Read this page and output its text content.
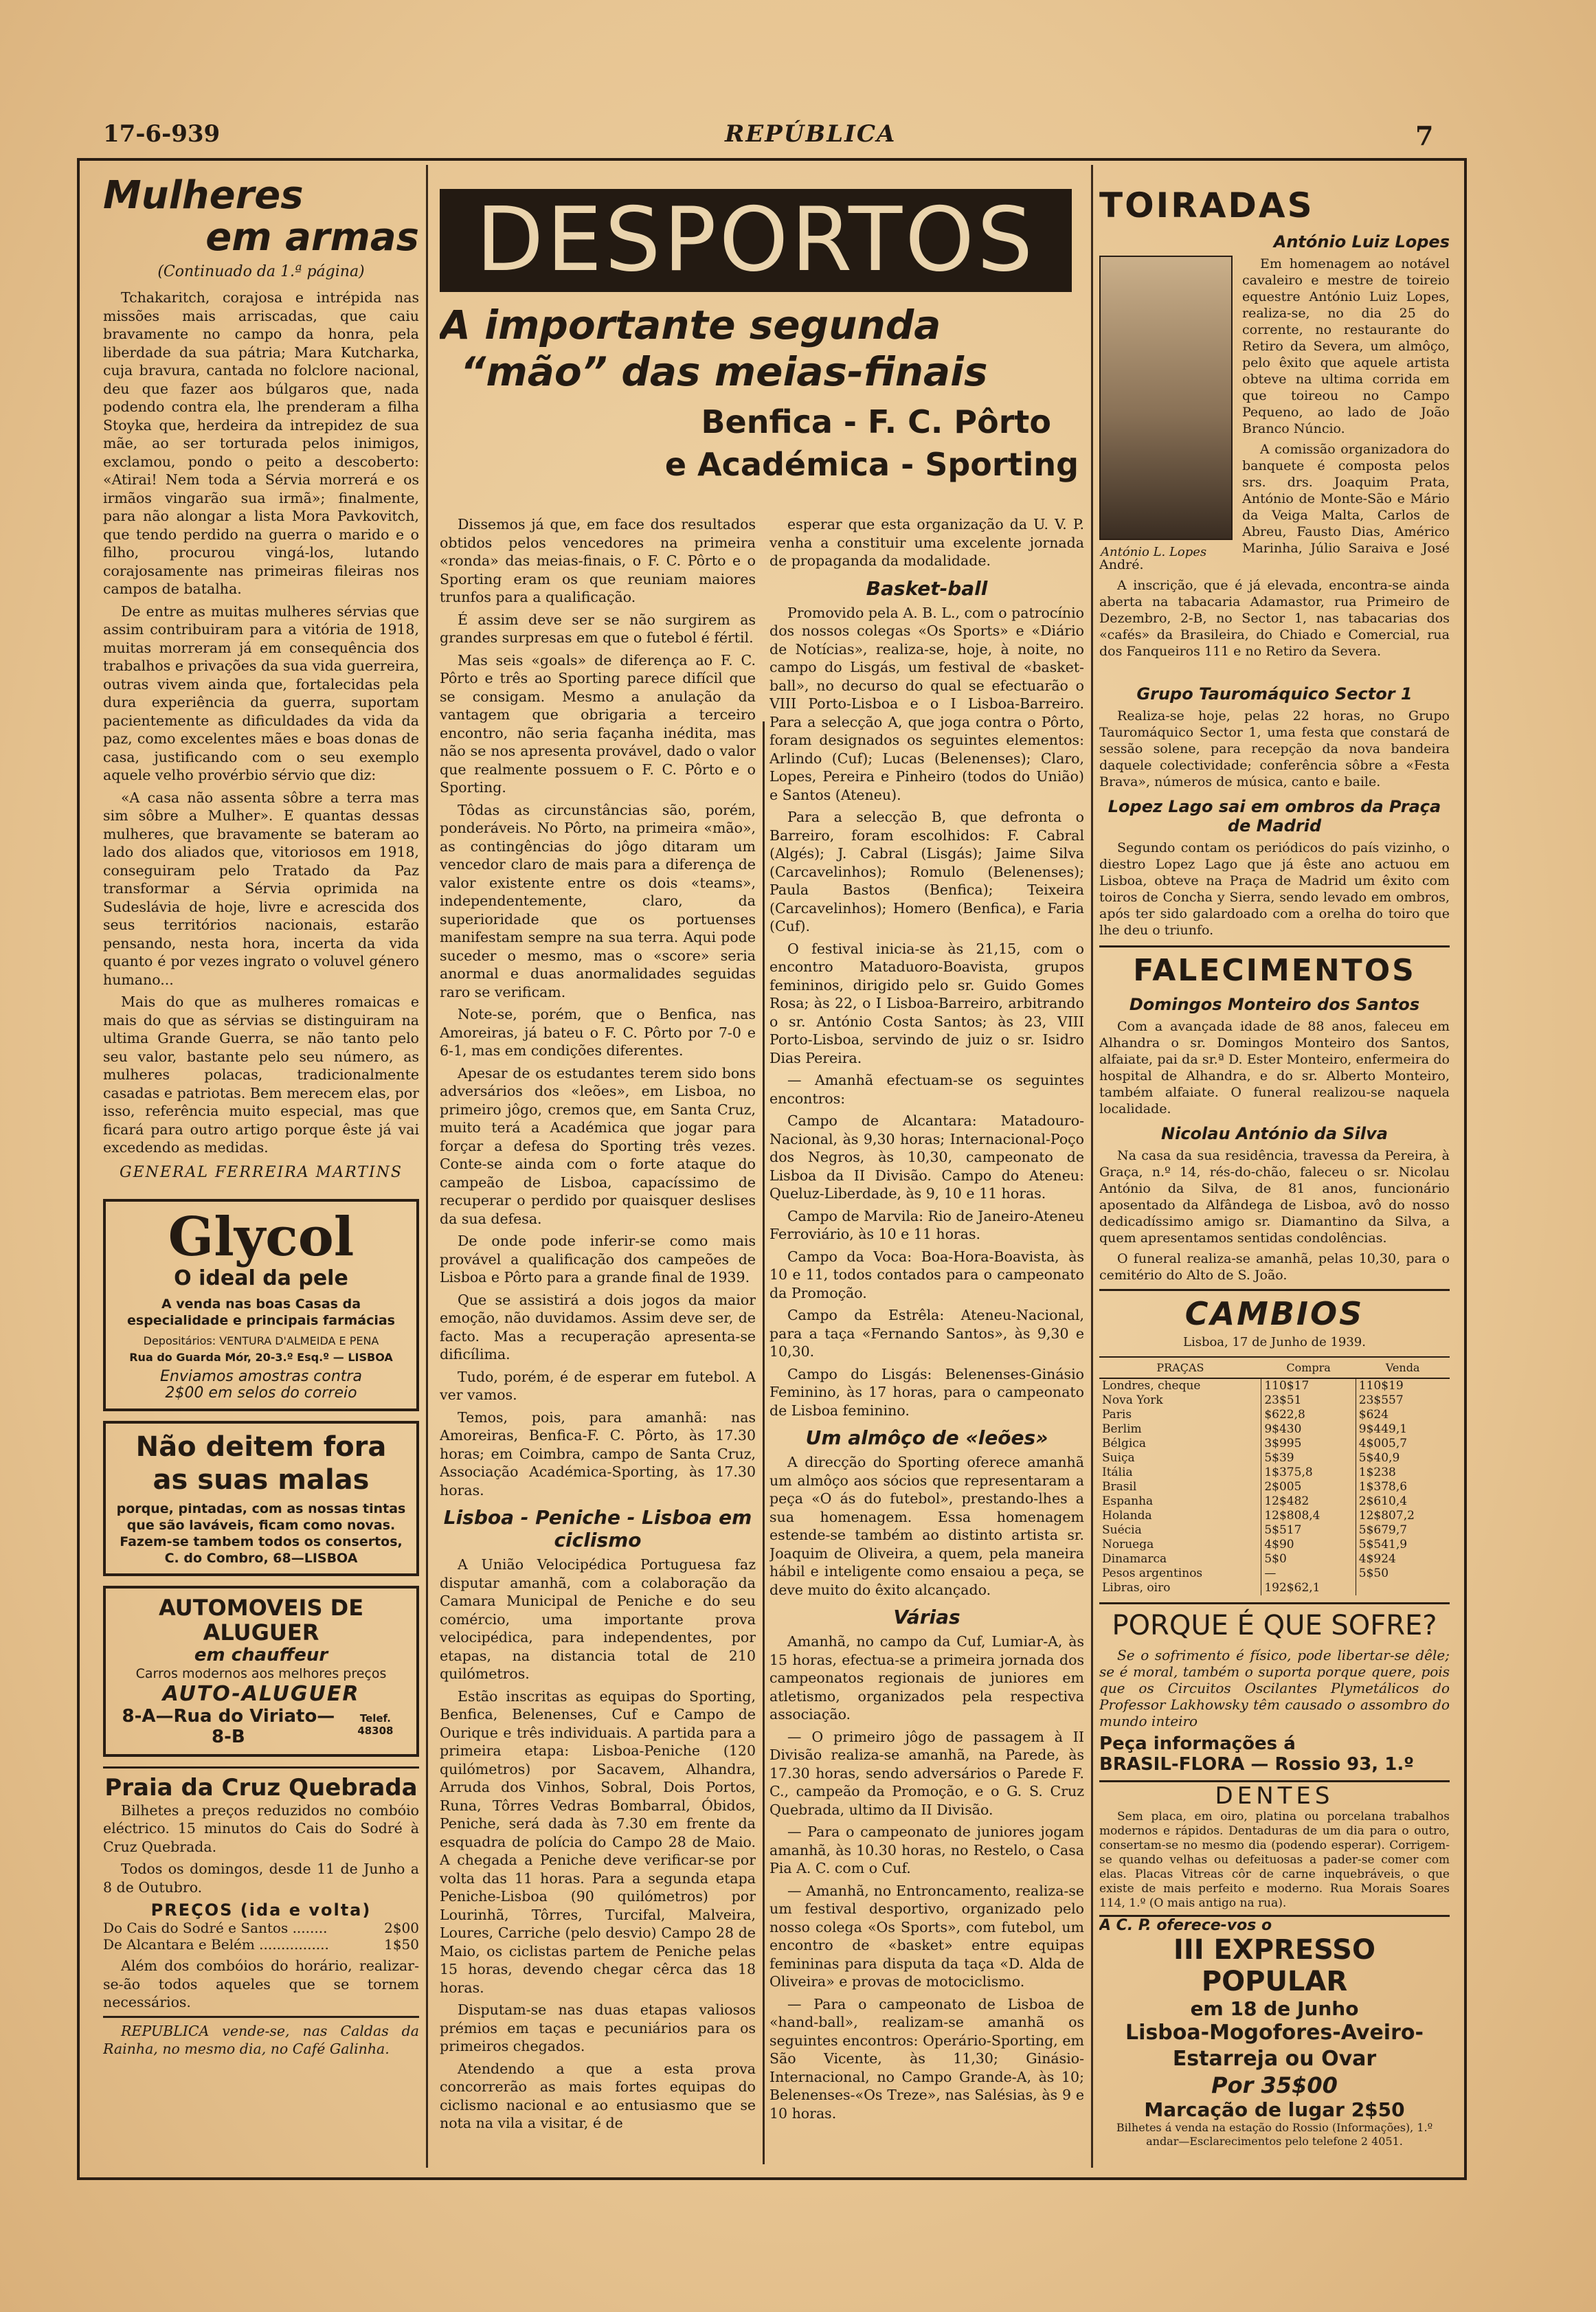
17-6-939	REPÚBLICA	7
Mulheres
em armas
(Continuado da 1.ª página)

Tchakaritch, corajosa e intrépida nas missões mais arriscadas, que caiu bravamente no campo da honra, pela liberdade da sua pátria; Mara Kutcharka, cuja bravura, cantada no folclore nacional, deu que fazer aos búlgaros que, nada podendo contra ela, lhe prenderam a filha Stoyka que, herdeira da intrepidez de sua mãe, ao ser torturada pelos inimigos, exclamou, pondo o peito a descoberto: «Atirai! Nem toda a Sérvia morrerá e os irmãos vingarão sua irmã»; finalmente, para não alongar a lista Mora Pavkovitch, que tendo perdido na guerra o marido e o filho, procurou vingá-los, lutando corajosamente nas primeiras fileiras nos campos de batalha.

De entre as muitas mulheres sérvias que assim contribuiram para a vitória de 1918, muitas morreram já em consequência dos trabalhos e privações da sua vida guerreira, outras vivem ainda que, fortalecidas pela dura experiência da guerra, suportam pacientemente as dificuldades da vida da paz, como excelentes mães e boas donas de casa, justificando com o seu exemplo aquele velho provérbio sérvio que diz:

«A casa não assenta sôbre a terra mas sim sôbre a Mulher». E quantas dessas mulheres, que bravamente se bateram ao lado dos aliados que, vitoriosos em 1918, conseguiram pelo Tratado da Paz transformar a Sérvia oprimida na Sudeslávia de hoje, livre e acrescida dos seus territórios nacionais, estarão pensando, nesta hora, incerta da vida quanto é por vezes ingrato o voluvel género humano...

Mais do que as mulheres romaicas e mais do que as sérvias se distinguiram na ultima Grande Guerra, se não tanto pelo seu valor, bastante pelo seu número, as mulheres polacas, tradicionalmente casadas e patriotas. Bem merecem elas, por isso, referência muito especial, mas que ficará para outro artigo porque êste já vai excedendo as medidas.

GENERAL FERREIRA MARTINS
Glycol
O ideal da pele
A venda nas boas Casas da especialidade e principais farmácias
Depositários: VENTURA D'ALMEIDA E PENA
Rua do Guarda Mór, 20-3.º Esq.º — LISBOA
Enviamos amostras contra
2$00 em selos do correio
Não deitem fora as suas malas
porque, pintadas, com as nossas tintas que são laváveis, ficam como novas.
Fazem-se tambem todos os consertos,
C. do Combro, 68—LISBOA
AUTOMOVEIS DE ALUGUER
em chauffeur
Carros modernos aos melhores preços
AUTO-ALUGUER
8-A—Rua do Viriato—8-B
Telef. 48308
Praia da Cruz Quebrada

Bilhetes a preços reduzidos no combóio eléctrico. 15 minutos do Cais do Sodré à Cruz Quebrada.

Todos os domingos, desde 11 de Junho a 8 de Outubro.

PREÇOS (ida e volta)
Do Cais do Sodré e Santos ........	2$00
De Alcantara e Belém ................	1$50

Além dos combóios do horário, realizar-se-ão todos aqueles que se tornem necessários.

REPUBLICA vende-se, nas Caldas da Rainha, no mesmo dia, no Café Galinha.

DESPORTOS
A importante segunda
“mão” das meias-finais
Benfica - F. C. Pôrto
e Académica - Sporting

Dissemos já que, em face dos resultados obtidos pelos vencedores na primeira «ronda» das meias-finais, o F. C. Pôrto e o Sporting eram os que reuniam maiores trunfos para a qualificação.

É assim deve ser se não surgirem as grandes surpresas em que o futebol é fértil.

Mas seis «goals» de diferença ao F. C. Pôrto e três ao Sporting parece difícil que se consigam. Mesmo a anulação da vantagem que obrigaria a terceiro encontro, não seria façanha inédita, mas não se nos apresenta provável, dado o valor que realmente possuem o F. C. Pôrto e o Sporting.

Tôdas as circunstâncias são, porém, ponderáveis. No Pôrto, na primeira «mão», as contingências do jôgo ditaram um vencedor claro de mais para a diferença de valor existente entre os dois «teams», independentemente, claro, da superioridade que os portuenses manifestam sempre na sua terra. Aqui pode suceder o mesmo, mas o «score» seria anormal e duas anormalidades seguidas raro se verificam.

Note-se, porém, que o Benfica, nas Amoreiras, já bateu o F. C. Pôrto por 7-0 e 6-1, mas em condições diferentes.

Apesar de os estudantes terem sido bons adversários dos «leões», em Lisboa, no primeiro jôgo, cremos que, em Santa Cruz, muito terá a Académica que jogar para forçar a defesa do Sporting três vezes. Conte-se ainda com o forte ataque do campeão de Lisboa, capacíssimo de recuperar o perdido por quaisquer deslises da sua defesa.

De onde pode inferir-se como mais provável a qualificação dos campeões de Lisboa e Pôrto para a grande final de 1939.

Que se assistirá a dois jogos da maior emoção, não duvidamos. Assim deve ser, de facto. Mas a recuperação apresenta-se dificílima.

Tudo, porém, é de esperar em futebol. A ver vamos.

Temos, pois, para amanhã: nas Amoreiras, Benfica-F. C. Pôrto, às 17.30 horas; em Coimbra, campo de Santa Cruz, Associação Académica-Sporting, às 17.30 horas.

Lisboa - Peniche - Lisboa em ciclismo

A União Velocipédica Portuguesa faz disputar amanhã, com a colaboração da Camara Municipal de Peniche e do seu comércio, uma importante prova velocipédica, para independentes, por etapas, na distancia total de 210 quilómetros.

Estão inscritas as equipas do Sporting, Benfica, Belenenses, Cuf e Campo de Ourique e três individuais. A partida para a primeira etapa: Lisboa-Peniche (120 quilómetros) por Sacavem, Alhandra, Arruda dos Vinhos, Sobral, Dois Portos, Runa, Tôrres Vedras Bombarral, Óbidos, Peniche, será dada às 7.30 em frente da esquadra de polícia do Campo 28 de Maio. A chegada a Peniche deve verificar-se por volta das 11 horas. Para a segunda etapa Peniche-Lisboa (90 quilómetros) por Lourinhã, Tôrres, Turcifal, Malveira, Loures, Carriche (pelo desvio) Campo 28 de Maio, os ciclistas partem de Peniche pelas 15 horas, devendo chegar cêrca das 18 horas.

Disputam-se nas duas etapas valiosos prémios em taças e pecuniários para os primeiros chegados.

Atendendo a que a esta prova concorrerão as mais fortes equipas do ciclismo nacional e ao entusiasmo que se nota na vila a visitar, é de

esperar que esta organização da U. V. P. venha a constituir uma excelente jornada de propaganda da modalidade.

Basket-ball

Promovido pela A. B. L., com o patrocínio dos nossos colegas «Os Sports» e «Diário de Notícias», realiza-se, hoje, à noite, no campo do Lisgás, um festival de «basket-ball», no decurso do qual se efectuarão o VIII Porto-Lisboa e o I Lisboa-Barreiro. Para a selecção A, que joga contra o Pôrto, foram designados os seguintes elementos: Arlindo (Cuf); Lucas (Belenenses); Claro, Lopes, Pereira e Pinheiro (todos do União) e Santos (Ateneu).

Para a selecção B, que defronta o Barreiro, foram escolhidos: F. Cabral (Algés); J. Cabral (Lisgás); Jaime Silva (Carcavelinhos); Romulo (Belenenses); Paula Bastos (Benfica); Teixeira (Carcavelinhos); Homero (Benfica), e Faria (Cuf).

O festival inicia-se às 21,15, com o encontro Mataduoro-Boavista, grupos femininos, dirigido pelo sr. Guido Gomes Rosa; às 22, o I Lisboa-Barreiro, arbitrando o sr. António Costa Santos; às 23, VIII Porto-Lisboa, servindo de juiz o sr. Isidro Dias Pereira.

— Amanhã efectuam-se os seguintes encontros:

Campo de Alcantara: Matadouro-Nacional, às 9,30 horas; Internacional-Poço dos Negros, às 10,30, campeonato de Lisboa da II Divisão. Campo do Ateneu: Queluz-Liberdade, às 9, 10 e 11 horas.

Campo de Marvila: Rio de Janeiro-Ateneu Ferroviário, às 10 e 11 horas.

Campo da Voca: Boa-Hora-Boavista, às 10 e 11, todos contados para o campeonato da Promoção.

Campo da Estrêla: Ateneu-Nacional, para a taça «Fernando Santos», às 9,30 e 10,30.

Campo do Lisgás: Belenenses-Ginásio Feminino, às 17 horas, para o campeonato de Lisboa feminino.

Um almôço de «leões»

A direcção do Sporting oferece amanhã um almôço aos sócios que representaram a peça «O ás do futebol», prestando-lhes a sua homenagem. Essa homenagem estende-se também ao distinto artista sr. Joaquim de Oliveira, a quem, pela maneira hábil e inteligente como ensaiou a peça, se deve muito do êxito alcançado.

Várias

Amanhã, no campo da Cuf, Lumiar-A, às 15 horas, efectua-se a primeira jornada dos campeonatos regionais de juniores em atletismo, organizados pela respectiva associação.

— O primeiro jôgo de passagem à II Divisão realiza-se amanhã, na Parede, às 17.30 horas, sendo adversários o Parede F. C., campeão da Promoção, e o G. S. Cruz Quebrada, ultimo da II Divisão.

— Para o campeonato de juniores jogam amanhã, às 10.30 horas, no Restelo, o Casa Pia A. C. com o Cuf.

— Amanhã, no Entroncamento, realiza-se um festival desportivo, organizado pelo nosso colega «Os Sports», com futebol, um encontro de «basket» entre equipas femininas para disputa da taça «D. Alda de Oliveira» e provas de motociclismo.

— Para o campeonato de Lisboa de «hand-ball», realizam-se amanhã os seguintes encontros: Operário-Sporting, em São Vicente, às 11,30; Ginásio-Internacional, no Campo Grande-A, às 10; Belenenses-«Os Treze», nas Salésias, às 9 e 10 horas.

TOIRADAS
António Luiz Lopes
António L. Lopes

Em homenagem ao notável cavaleiro e mestre de toireio equestre António Luiz Lopes, realiza-se, no dia 25 do corrente, no restaurante do Retiro da Severa, um almôço, pelo êxito que aquele artista obteve na ultima corrida em que toireou no Campo Pequeno, ao lado de João Branco Núncio.

A comissão organizadora do banquete é composta pelos srs. drs. Joaquim Prata, António de Monte-São e Mário da Veiga Malta, Carlos de Abreu, Fausto Dias, Américo Marinha, Júlio Saraiva e José André.

A inscrição, que é já elevada, encontra-se ainda aberta na tabacaria Adamastor, rua Primeiro de Dezembro, 2-B, no Sector 1, nas tabacarias dos «cafés» da Brasileira, do Chiado e Comercial, rua dos Fanqueiros 111 e no Retiro da Severa.

Grupo Tauromáquico Sector 1

Realiza-se hoje, pelas 22 horas, no Grupo Tauromáquico Sector 1, uma festa que constará de sessão solene, para recepção da nova bandeira daquele colectividade; conferência sôbre a «Festa Brava», números de música, canto e baile.

Lopez Lago sai em ombros da Praça de Madrid

Segundo contam os periódicos do país vizinho, o diestro Lopez Lago que já êste ano actuou em Lisboa, obteve na Praça de Madrid um êxito com toiros de Concha y Sierra, sendo levado em ombros, após ter sido galardoado com a orelha do toiro que lhe deu o triunfo.

FALECIMENTOS
Domingos Monteiro dos Santos

Com a avançada idade de 88 anos, faleceu em Alhandra o sr. Domingos Monteiro dos Santos, alfaiate, pai da sr.ª D. Ester Monteiro, enfermeira do hospital de Alhandra, e do sr. Alberto Monteiro, também alfaiate. O funeral realizou-se naquela localidade.

Nicolau António da Silva

Na casa da sua residência, travessa da Pereira, à Graça, n.º 14, rés-do-chão, faleceu o sr. Nicolau António da Silva, de 81 anos, funcionário aposentado da Alfândega de Lisboa, avô do nosso dedicadíssimo amigo sr. Diamantino da Silva, a quem apresentamos sentidas condolências.

O funeral realiza-se amanhã, pelas 10,30, para o cemitério do Alto de S. João.

CAMBIOS
Lisboa, 17 de Junho de 1939.
PRAÇAS	Compra	Venda
Londres, cheque	110$17	110$19
Nova York	23$51	23$557
Paris	$622,8	$624
Berlim	9$430	9$449,1
Bélgica	3$995	4$005,7
Suiça	5$39	5$40,9
Itália	1$375,8	1$238
Brasil	2$005	1$378,6
Espanha	12$482	2$610,4
Holanda	12$808,4	12$807,2
Suécia	5$517	5$679,7
Noruega	4$90	5$541,9
Dinamarca	5$0	4$924
Pesos argentinos	—	5$50
Libras, oiro	192$62,1	
PORQUE É QUE SOFRE?

Se o sofrimento é físico, pode libertar-se dêle; se é moral, também o suporta porque quere, pois que os Circuitos Oscilantes Plymetálicos do Professor Lakhowsky têm causado o assombro do mundo inteiro

Peça informações á
BRASIL-FLORA — Rossio 93, 1.º
DENTES

Sem placa, em oiro, platina ou porcelana trabalhos modernos e rápidos. Dentaduras de um dia para o outro, consertam-se no mesmo dia (podendo esperar). Corrigem-se quando velhas ou defeituosas a pader-se comer com elas. Placas Vitreas côr de carne inquebráveis, o que existe de mais perfeito e moderno. Rua Morais Soares 114, 1.º (O mais antigo na rua).

A C. P. oferece-vos o
III EXPRESSO POPULAR
em 18 de Junho
Lisboa-Mogofores-Aveiro-Estarreja ou Ovar
Por 35$00
Marcação de lugar 2$50
Bilhetes á venda na estação do Rossio (Informações), 1.º andar—Esclarecimentos pelo telefone 2 4051.
